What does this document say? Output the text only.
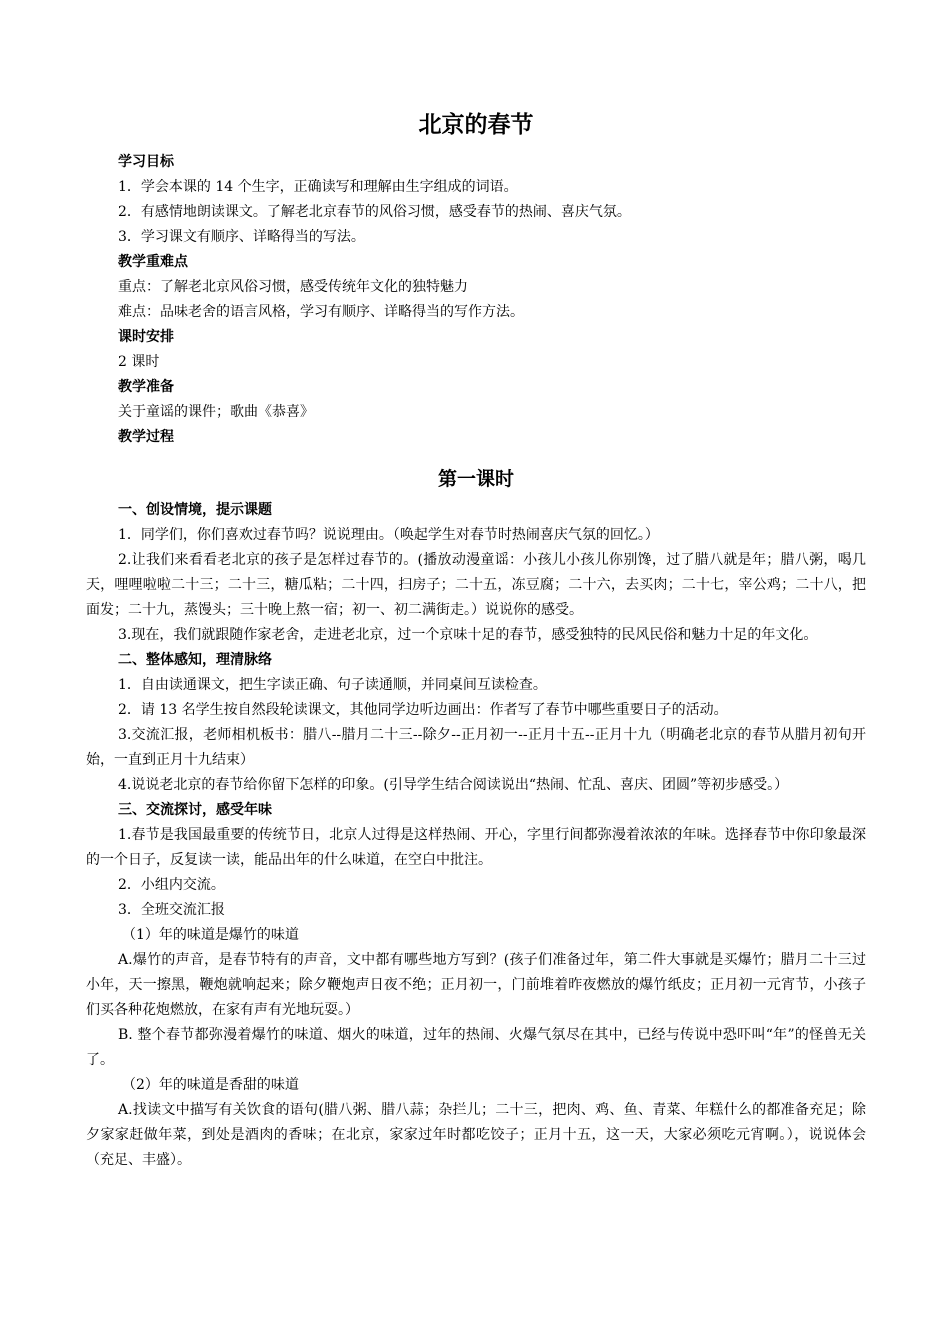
北京的春节
学习目标
1．学会本课的 14 个生字，正确读写和理解由生字组成的词语。
2．有感情地朗读课文。了解老北京春节的风俗习惯，感受春节的热闹、喜庆气氛。
3．学习课文有顺序、详略得当的写法。
教学重难点
重点：了解老北京风俗习惯，感受传统年文化的独特魅力
难点：品味老舍的语言风格，学习有顺序、详略得当的写作方法。
课时安排
2 课时
教学准备
关于童谣的课件；歌曲《恭喜》
教学过程
第一课时
一、创设情境，提示课题

1．同学们，你们喜欢过春节吗？说说理由。（唤起学生对春节时热闹喜庆气氛的回忆。）

2.让我们来看看老北京的孩子是怎样过春节的。(播放动漫童谣：小孩儿小孩儿你别馋，过了腊八就是年；腊八粥，喝几天，哩哩啦啦二十三；二十三，糖瓜粘；二十四，扫房子；二十五，冻豆腐；二十六，去买肉；二十七，宰公鸡；二十八，把面发；二十九，蒸馒头；三十晚上熬一宿；初一、初二满街走。）说说你的感受。

3.现在，我们就跟随作家老舍，走进老北京，过一个京味十足的春节，感受独特的民风民俗和魅力十足的年文化。

二、整体感知，理清脉络

1．自由读通课文，把生字读正确、句子读通顺，并同桌间互读检查。

2．请 13 名学生按自然段轮读课文，其他同学边听边画出：作者写了春节中哪些重要日子的活动。

3.交流汇报，老师相机板书：腊八--腊月二十三--除夕--正月初一--正月十五--正月十九（明确老北京的春节从腊月初旬开始，一直到正月十九结束）

4.说说老北京的春节给你留下怎样的印象。(引导学生结合阅读说出“热闹、忙乱、喜庆、团圆”等初步感受。）

三、交流探讨，感受年味

1.春节是我国最重要的传统节日，北京人过得是这样热闹、开心，字里行间都弥漫着浓浓的年味。选择春节中你印象最深的一个日子，反复读一读，能品出年的什么味道，在空白中批注。

2．小组内交流。

3．全班交流汇报

（1）年的味道是爆竹的味道

A.爆竹的声音，是春节特有的声音，文中都有哪些地方写到？(孩子们准备过年，第二件大事就是买爆竹；腊月二十三过小年，天一擦黑，鞭炮就响起来；除夕鞭炮声日夜不绝；正月初一，门前堆着昨夜燃放的爆竹纸皮；正月初一元宵节，小孩子们买各种花炮燃放，在家有声有光地玩耍。）

B. 整个春节都弥漫着爆竹的味道、烟火的味道，过年的热闹、火爆气氛尽在其中，已经与传说中恐吓叫“年”的怪兽无关了。

（2）年的味道是香甜的味道

A.找读文中描写有关饮食的语句(腊八粥、腊八蒜；杂拦儿；二十三，把肉、鸡、鱼、青菜、年糕什么的都准备充足；除夕家家赶做年菜，到处是酒肉的香味；在北京，家家过年时都吃饺子；正月十五，这一天，大家必须吃元宵啊。），说说体会（充足、丰盛）。
